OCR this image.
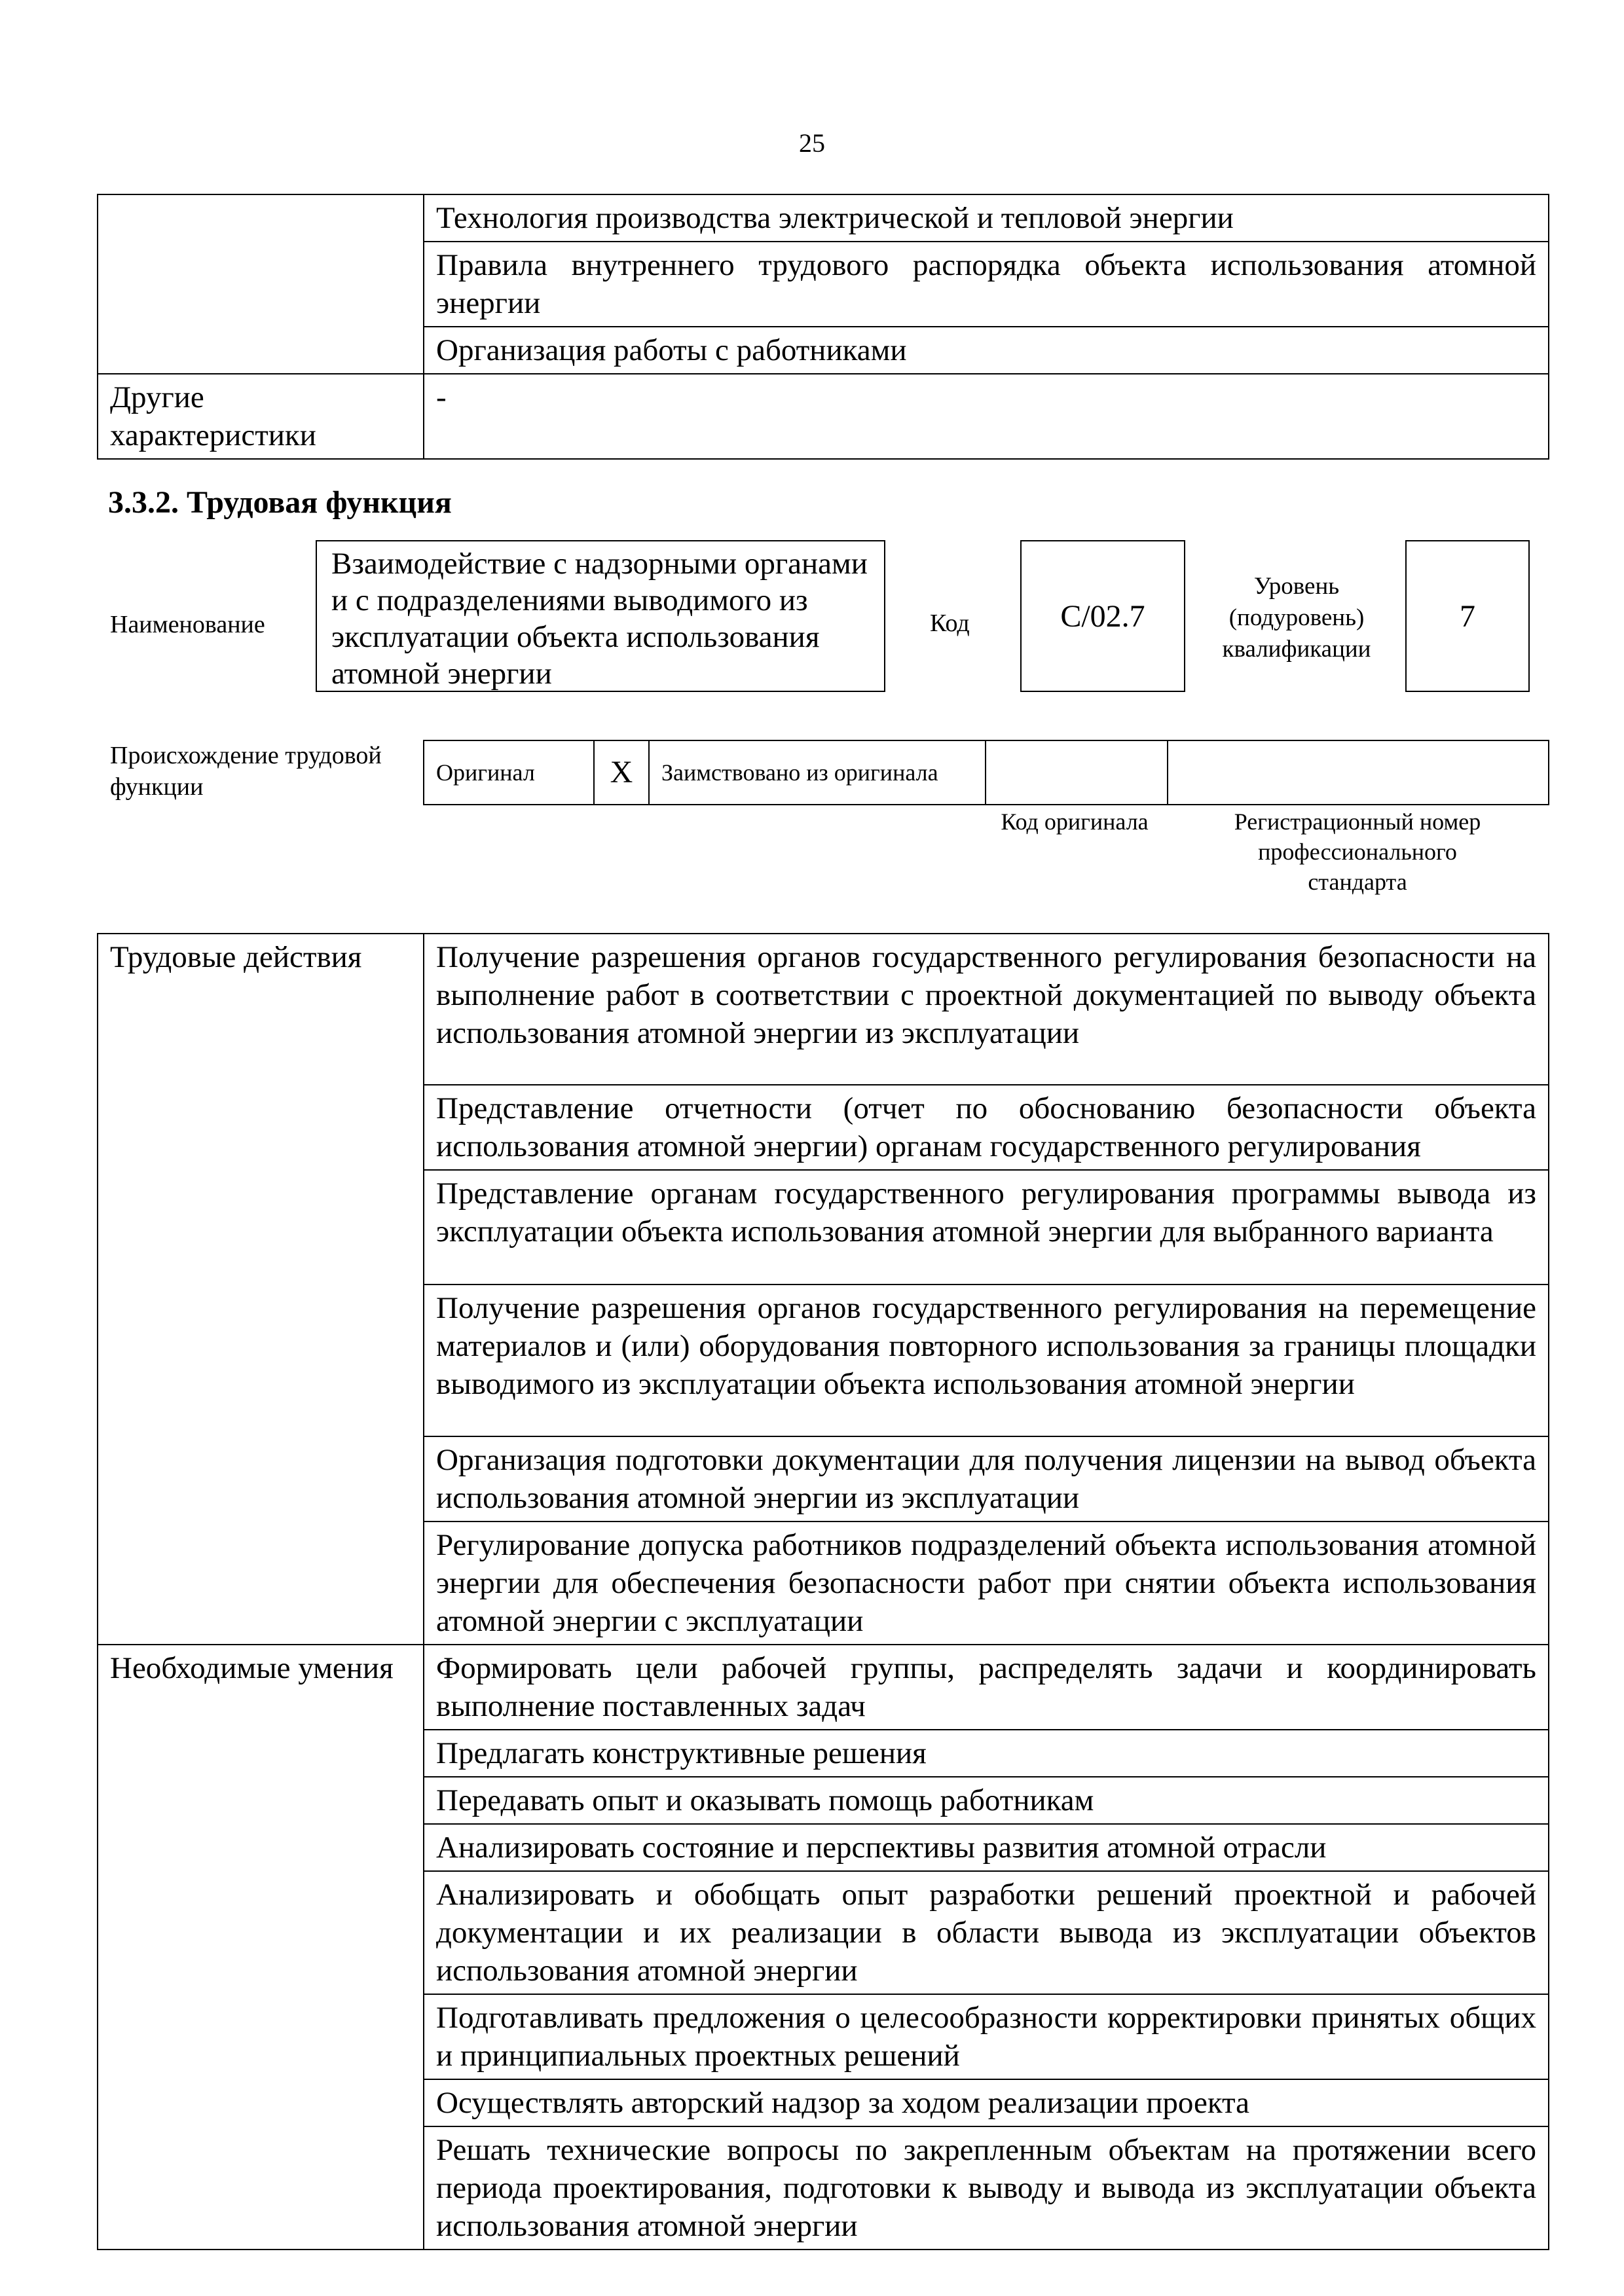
25
	Технология производства электрической и тепловой энергии
	Правила внутреннего трудового распорядка объекта использования атомной энергии
	Организация работы с работниками
Другие характеристики	-
3.3.2. Трудовая функция
Наименование
Взаимодействие с надзорными органами и с подразделениями выводимого из эксплуатации объекта использования атомной энергии
Код	С/02.7
Уровень (подуровень) квалификации
7
Происхождение трудовой функции
Оригинал	X	Заимствовано из оригинала		
Код оригинала	Регистрационный номер профессионального стандарта
Трудовые действия	Получение разрешения органов государственного регулирования безопасности на выполнение работ в соответствии с проектной документацией по выводу объекта использования атомной энергии из эксплуатации
	Представление отчетности (отчет по обоснованию безопасности объекта использования атомной энергии) органам государственного регулирования
	Представление органам государственного регулирования программы вывода из эксплуатации объекта использования атомной энергии для выбранного варианта
	Получение разрешения органов государственного регулирования на перемещение материалов и (или) оборудования повторного использования за границы площадки выводимого из эксплуатации объекта использования атомной энергии
	Организация подготовки документации для получения лицензии на вывод объекта использования атомной энергии из эксплуатации
	Регулирование допуска работников подразделений объекта использования атомной энергии для обеспечения безопасности работ при снятии объекта использования атомной энергии с эксплуатации
Необходимые умения	Формировать цели рабочей группы, распределять задачи и координировать выполнение поставленных задач
	Предлагать конструктивные решения
	Передавать опыт и оказывать помощь работникам
	Анализировать состояние и перспективы развития атомной отрасли
	Анализировать и обобщать опыт разработки решений проектной и рабочей документации и их реализации в области вывода из эксплуатации объектов использования атомной энергии
	Подготавливать предложения о целесообразности корректировки принятых общих и принципиальных проектных решений
	Осуществлять авторский надзор за ходом реализации проекта
	Решать технические вопросы по закрепленным объектам на протяжении всего периода проектирования, подготовки к выводу и вывода из эксплуатации объекта использования атомной энергии
